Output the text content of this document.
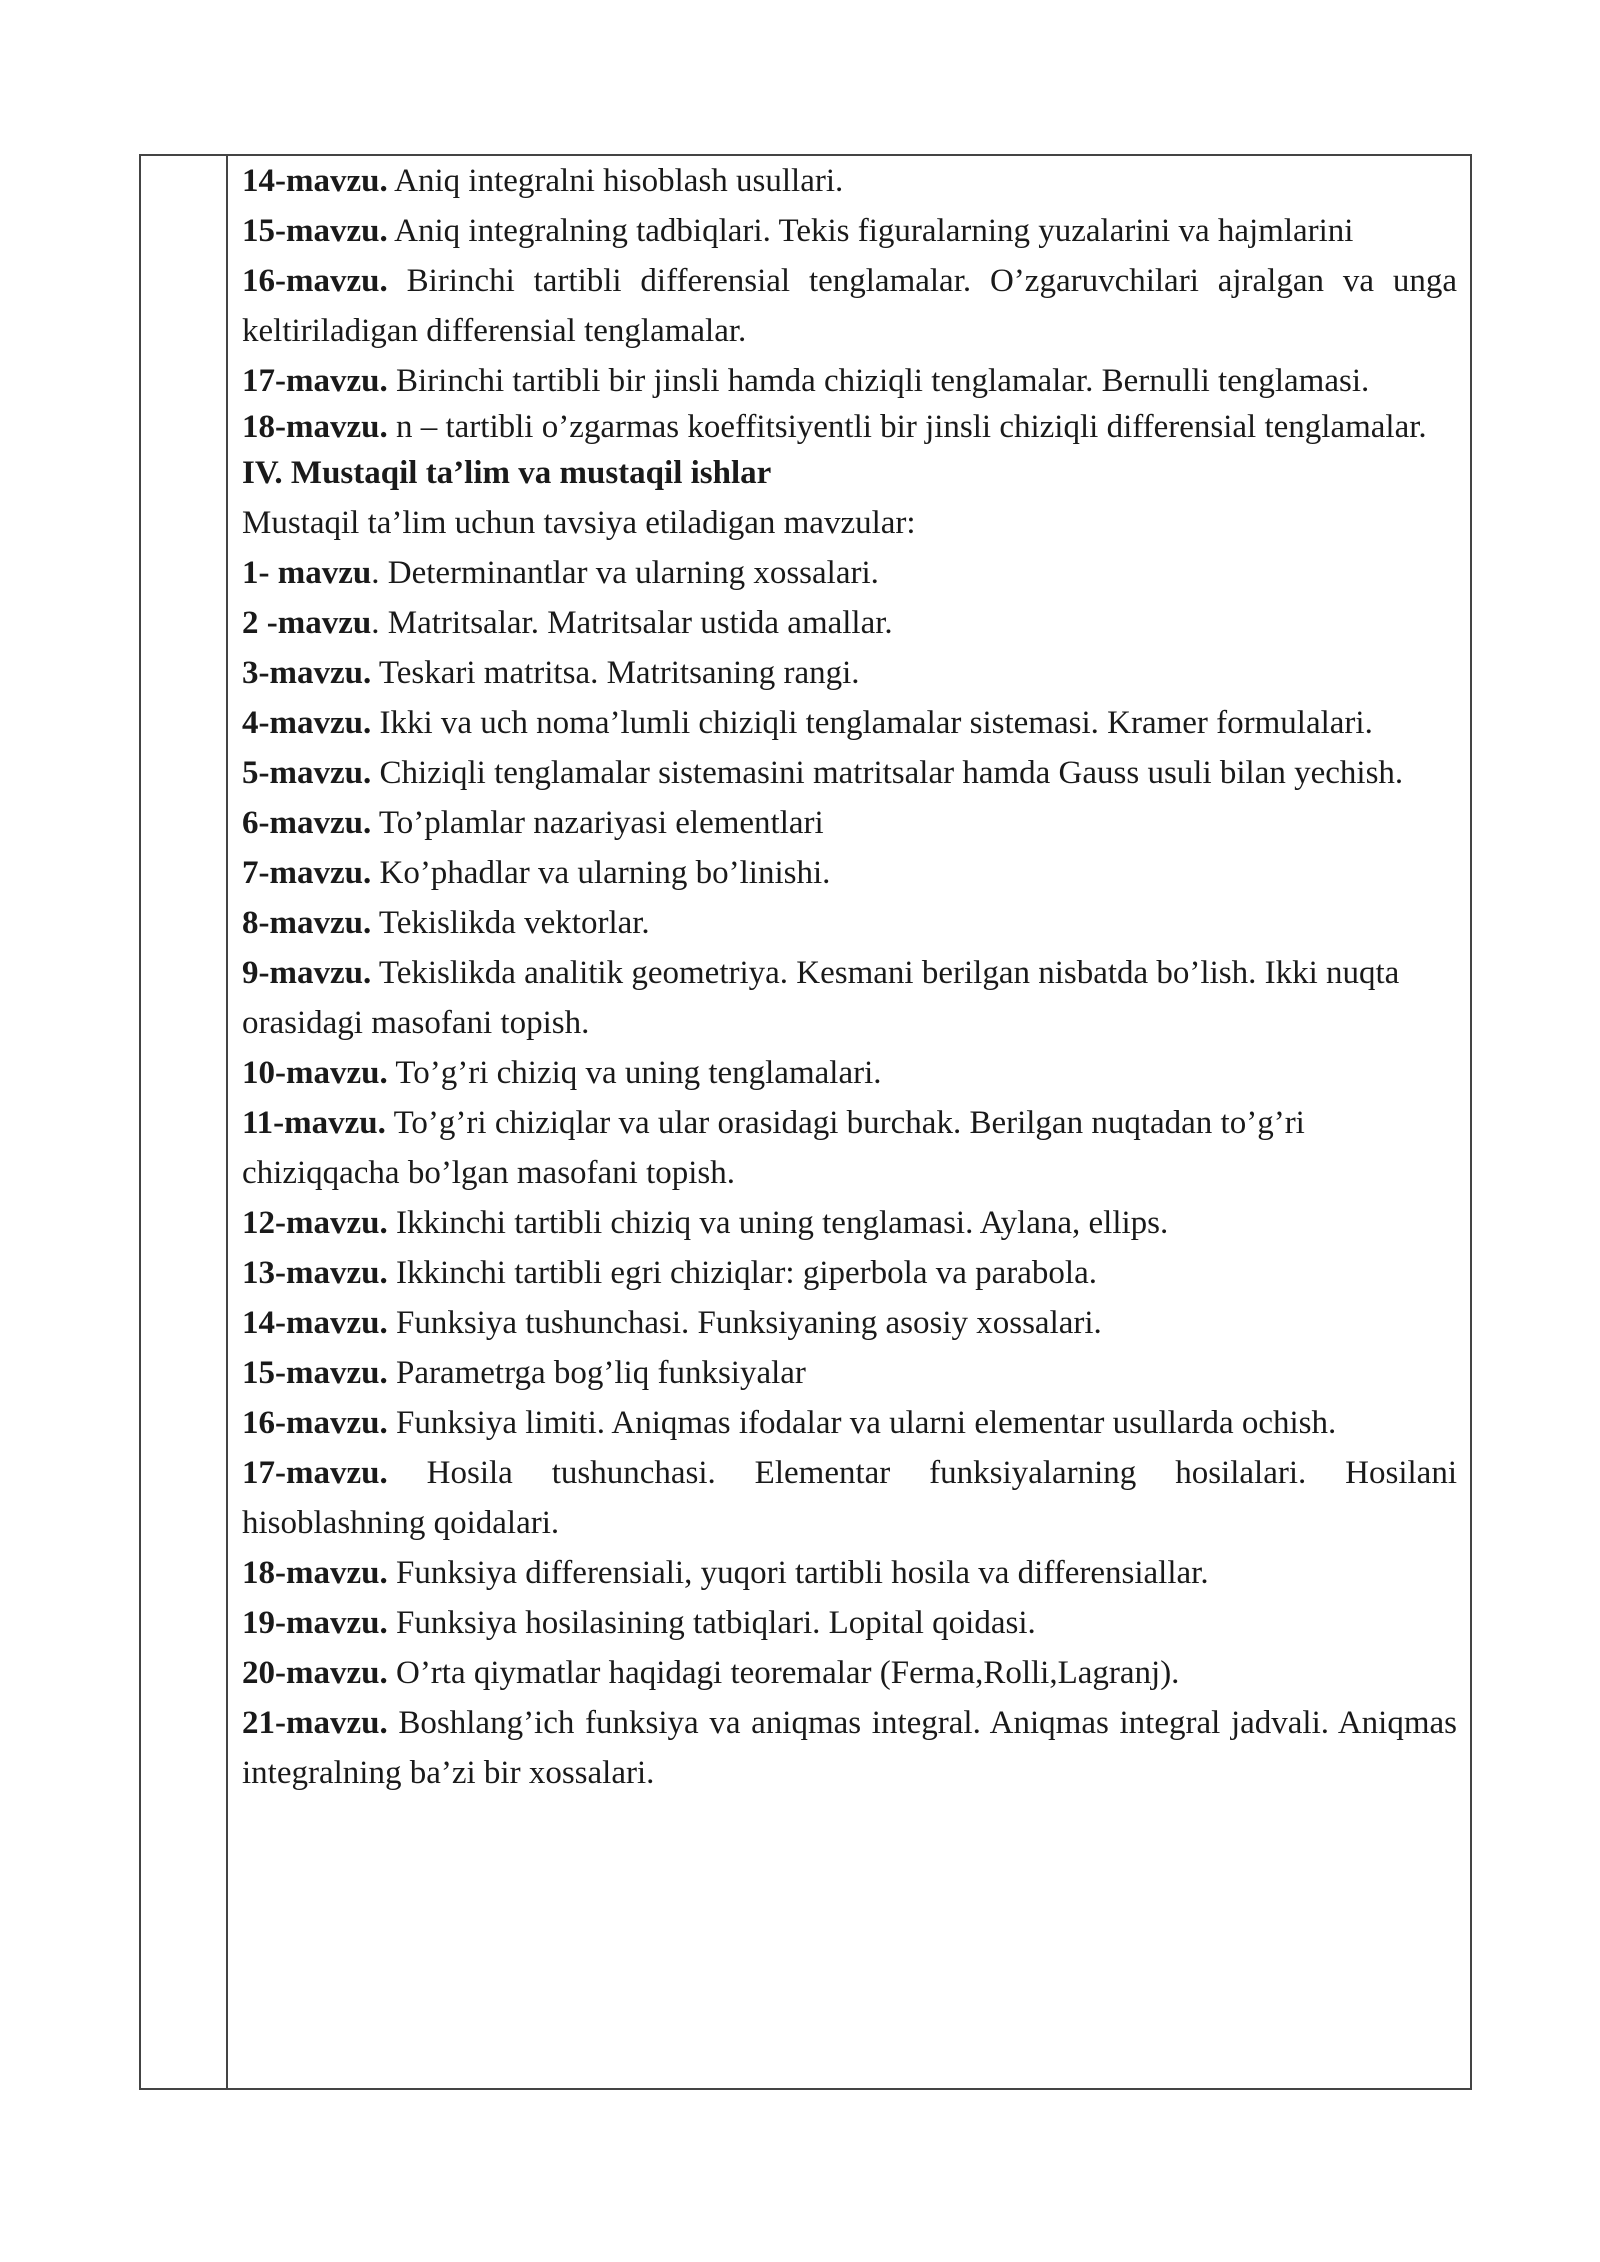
14-mavzu. Aniq integralni hisoblash usullari.

15-mavzu. Aniq integralning tadbiqlari. Tekis figuralarning yuzalarini va hajmlarini

16-mavzu. Birinchi tartibli differensial tenglamalar. O’zgaruvchilari ajralgan va unga keltiriladigan differensial tenglamalar.

17-mavzu. Birinchi tartibli bir jinsli hamda chiziqli tenglamalar. Bernulli tenglamasi.

18-mavzu. n – tartibli o’zgarmas koeffitsiyentli bir jinsli chiziqli differensial tenglamalar.

IV. Mustaqil ta’lim va mustaqil ishlar

Mustaqil ta’lim uchun tavsiya etiladigan mavzular:

1- mavzu. Determinantlar va ularning xossalari.

2 -mavzu. Matritsalar. Matritsalar ustida amallar.

3-mavzu. Teskari matritsa. Matritsaning rangi.

4-mavzu. Ikki va uch noma’lumli chiziqli tenglamalar sistemasi. Kramer formulalari.

5-mavzu. Chiziqli tenglamalar sistemasini matritsalar hamda Gauss usuli bilan yechish.

6-mavzu. To’plamlar nazariyasi elementlari

7-mavzu. Ko’phadlar va ularning bo’linishi.

8-mavzu. Tekislikda vektorlar.

9-mavzu. Tekislikda analitik geometriya. Kesmani berilgan nisbatda bo’lish. Ikki nuqta orasidagi masofani topish.

10-mavzu. To’g’ri chiziq va uning tenglamalari.

11-mavzu. To’g’ri chiziqlar va ular orasidagi burchak. Berilgan nuqtadan to’g’ri chiziqqacha bo’lgan masofani topish.

12-mavzu. Ikkinchi tartibli chiziq va uning tenglamasi. Aylana, ellips.

13-mavzu. Ikkinchi tartibli egri chiziqlar: giperbola va parabola.

14-mavzu. Funksiya tushunchasi. Funksiyaning asosiy xossalari.

15-mavzu. Parametrga bog’liq funksiyalar

16-mavzu. Funksiya limiti. Aniqmas ifodalar va ularni elementar usullarda ochish.

17-mavzu. Hosila tushunchasi. Elementar funksiyalarning hosilalari. Hosilani hisoblashning qoidalari.

18-mavzu. Funksiya differensiali, yuqori tartibli hosila va differensiallar.

19-mavzu. Funksiya hosilasining tatbiqlari. Lopital qoidasi.

20-mavzu. O’rta qiymatlar haqidagi teoremalar (Ferma,Rolli,Lagranj).

21-mavzu. Boshlang’ich funksiya va aniqmas integral. Aniqmas integral jadvali. Aniqmas integralning ba’zi bir xossalari.
